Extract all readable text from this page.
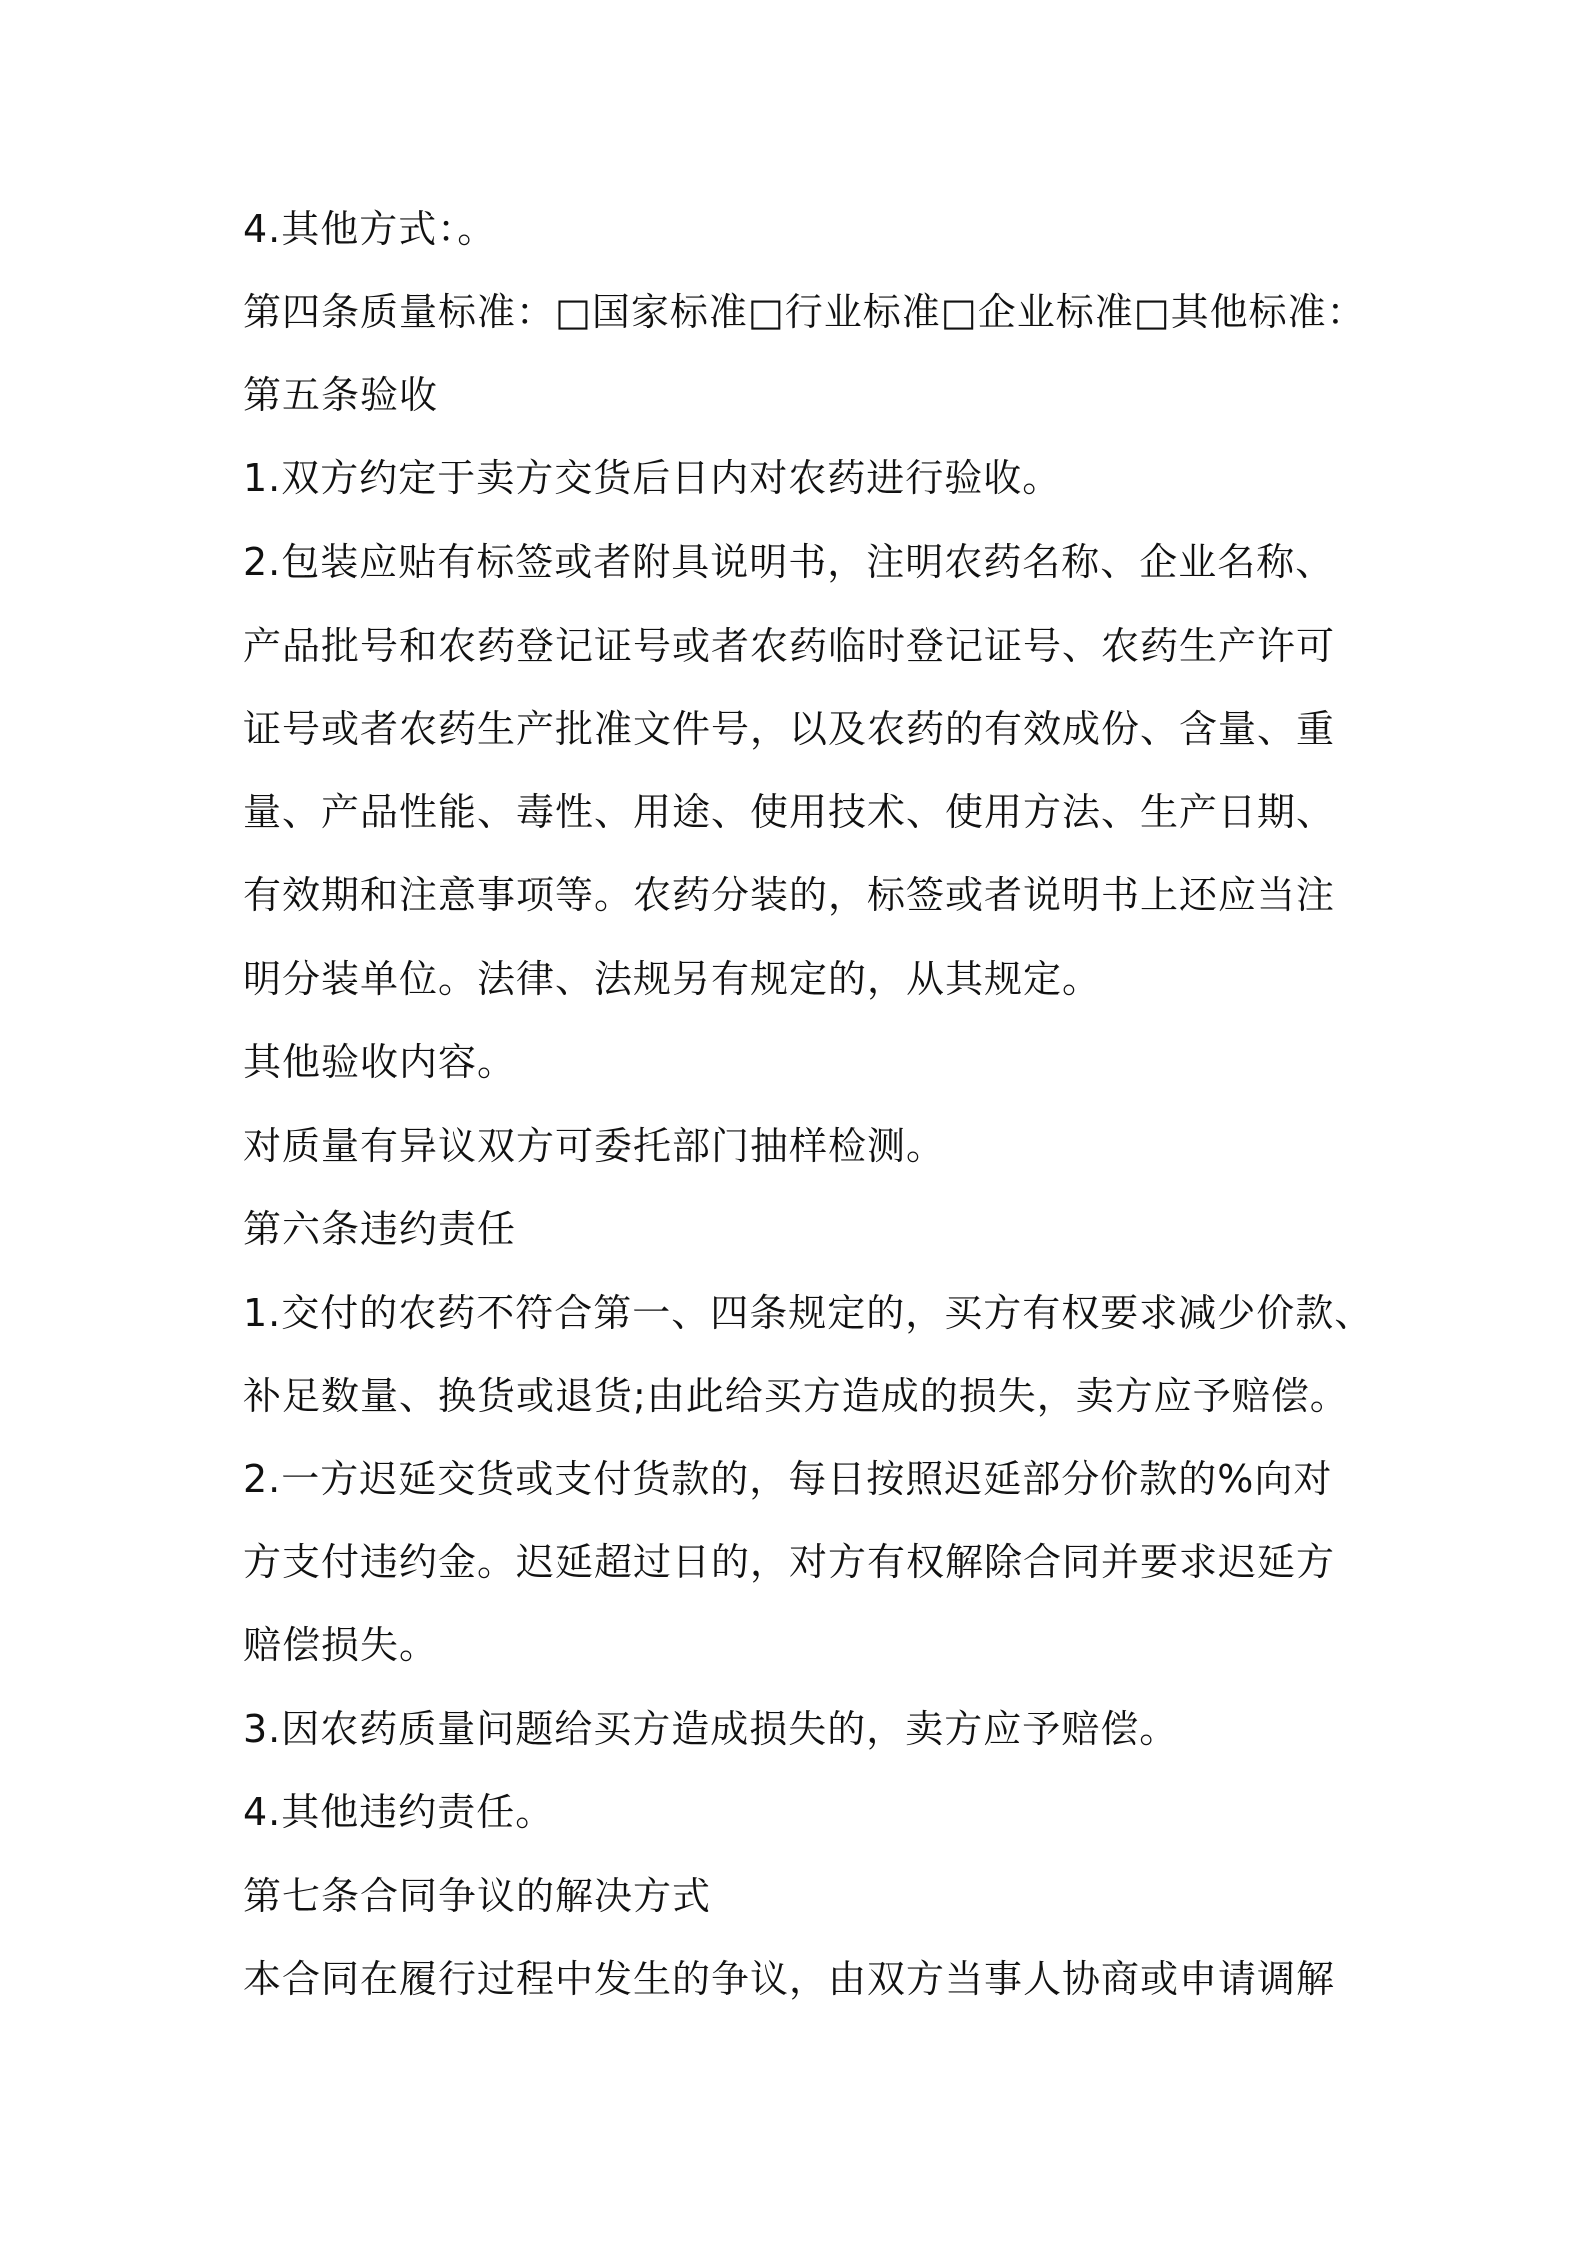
4.其他方式：。
第四条质量标准：□国家标准□行业标准□企业标准□其他标准：
第五条验收
1.双方约定于卖方交货后日内对农药进行验收。
2.包装应贴有标签或者附具说明书，注明农药名称、企业名称、
产品批号和农药登记证号或者农药临时登记证号、农药生产许可
证号或者农药生产批准文件号，以及农药的有效成份、含量、重
量、产品性能、毒性、用途、使用技术、使用方法、生产日期、
有效期和注意事项等。农药分装的，标签或者说明书上还应当注
明分装单位。法律、法规另有规定的，从其规定。
其他验收内容。
对质量有异议双方可委托部门抽样检测。
第六条违约责任
1.交付的农药不符合第一、四条规定的，买方有权要求减少价款、
补足数量、换货或退货;由此给买方造成的损失，卖方应予赔偿。
2.一方迟延交货或支付货款的，每日按照迟延部分价款的%向对
方支付违约金。迟延超过日的，对方有权解除合同并要求迟延方
赔偿损失。
3.因农药质量问题给买方造成损失的，卖方应予赔偿。
4.其他违约责任。
第七条合同争议的解决方式
本合同在履行过程中发生的争议，由双方当事人协商或申请调解
